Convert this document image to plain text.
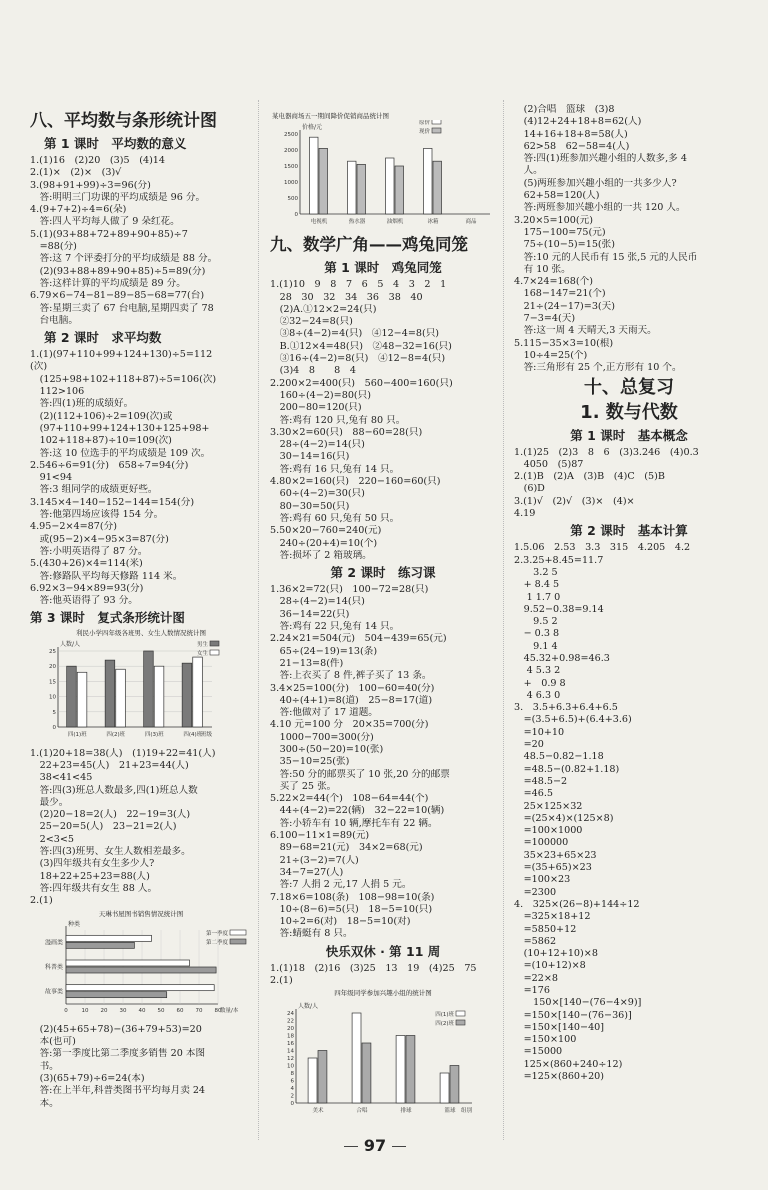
八、平均数与条形统计图
第 1 课时　平均数的意义
1.(1)16　(2)20　(3)5　(4)14
2.(1)×　(2)×　(3)√
3.(98+91+99)÷3=96(分)
　答:明明三门功课的平均成绩是 96 分。
4.(9+7+2)÷4=6(朵)
　答:四人平均每人做了 9 朵红花。
5.(1)(93+88+72+89+90+85)÷7
　=88(分)
　答:这 7 个评委打分的平均成绩是 88 分。
　(2)(93+88+89+90+85)÷5=89(分)
　答:这样计算的平均成绩是 89 分。
6.79×6−74−81−89−85−68=77(台)
　答:星期三卖了 67 台电脑,星期四卖了 78
　台电脑。
第 2 课时　求平均数
1.(1)(97+110+99+124+130)÷5=112
(次)
　(125+98+102+118+87)÷5=106(次)
　112>106
　答:四(1)班的成绩好。
　(2)(112+106)÷2=109(次)或
　(97+110+99+124+130+125+98+
　102+118+87)÷10=109(次)
　答:这 10 位选手的平均成绩是 109 次。
2.546÷6=91(分)　658÷7=94(分)
　91<94
　答:3 组同学的成绩更好些。
3.145×4−140−152−144=154(分)
　答:他第四场应该得 154 分。
4.95−2×4=87(分)
　或(95−2)×4−95×3=87(分)
　答:小明英语得了 87 分。
5.(430+26)×4=114(米)
　答:修路队平均每天修路 114 米。
6.92×3−94×89=93(分)
　答:他英语得了 93 分。
第 3 课时　复式条形统计图
利民小学四年级各班男、女生人数情况统计图
0
5
10
15
20
25
人数/人
四(1)班	四(2)班	四(3)班	四(4)班
班级
男生
女生
1.(1)20+18=38(人)　(1)19+22=41(人)
　22+23=45(人)　21+23=44(人)
　38<41<45
　答:四(3)班总人数最多,四(1)班总人数
　最少。
　(2)20−18=2(人)　22−19=3(人)
　25−20=5(人)　23−21=2(人)
　2<3<5
　答:四(3)班男、女生人数相差最多。
　(3)四年级共有女生多少人?
　18+22+25+23=88(人)
　答:四年级共有女生 88 人。
2.(1)
天琳书屋图书销售情况统计图
0	10 20 30 40 50 60 70 80
数量/本
种类
漫画类
科普类
故事类
第一季度
第二季度
　(2)(45+65+78)−(36+79+53)=20
　本(也可)
　答:第一季度比第二季度多销售 20 本图
　书。
　(3)(65+79)÷6=24(本)
　答:在上半年,科普类图书平均每月卖 24
　本。
某电器商场五一期间降价促销商品统计图
0
500
1000
1500
2000
2500
价格/元
电视机	热水器	油烟机	冰箱	商品
原价
现价
九、数学广角——鸡兔同笼
第 1 课时　鸡兔同笼
1.(1)10　9　8　7　6　5　4　3　2　1
　28　30　32　34　36　38　40
　(2)A.①12×2=24(只)
　②32−24=8(只)
　③8÷(4−2)=4(只)　④12−4=8(只)
　B.①12×4=48(只)　②48−32=16(只)
　③16÷(4−2)=8(只)　④12−8=4(只)
　(3)4　8　　8　4
2.200×2=400(只)　560−400=160(只)
　160÷(4−2)=80(只)
　200−80=120(只)
　答:鸡有 120 只,兔有 80 只。
3.30×2=60(只)　88−60=28(只)
　28÷(4−2)=14(只)
　30−14=16(只)
　答:鸡有 16 只,兔有 14 只。
4.80×2=160(只)　220−160=60(只)
　60÷(4−2)=30(只)
　80−30=50(只)
　答:鸡有 60 只,兔有 50 只。
5.50×20−760=240(元)
　240÷(20+4)=10(个)
　答:损坏了 2 箱玻璃。
第 2 课时　练习课
1.36×2=72(只)　100−72=28(只)
　28÷(4−2)=14(只)
　36−14=22(只)
　答:鸡有 22 只,兔有 14 只。
2.24×21=504(元)　504−439=65(元)
　65÷(24−19)=13(条)
　21−13=8(件)
　答:上衣买了 8 件,裤子买了 13 条。
3.4×25=100(分)　100−60=40(分)
　40÷(4+1)=8(道)　25−8=17(道)
　答:他做对了 17 道题。
4.10 元=100 分　20×35=700(分)
　1000−700=300(分)
　300÷(50−20)=10(张)
　35−10=25(张)
　答:50 分的邮票买了 10 张,20 分的邮票
　买了 25 张。
5.22×2=44(个)　108−64=44(个)
　44÷(4−2)=22(辆)　32−22=10(辆)
　答:小轿车有 10 辆,摩托车有 22 辆。
6.100−11×1=89(元)
　89−68=21(元)　34×2=68(元)
　21÷(3−2)=7(人)
　34−7=27(人)
　答:7 人捐 2 元,17 人捐 5 元。
7.18×6=108(条)　108−98=10(条)
　10÷(8−6)=5(只)　18−5=10(只)
　10÷2=6(对)　18−5=10(对)
　答:蜻蜓有 8 只。
快乐双休 · 第 11 周
1.(1)18　(2)16　(3)25　13　19　(4)25　75
2.(1)
四年级同学参加兴趣小组的统计图
0
2
4
6
8
10
12
14
16
18
20
22
24
人数/人
美术	合唱	排球	篮球 组别
四(1)班
四(2)班
　(2)合唱　篮球　(3)8
　(4)12+24+18+8=62(人)
　14+16+18+8=58(人)
　62>58　62−58=4(人)
　答:四(1)班参加兴趣小组的人数多,多 4
　人。
　(5)两班参加兴趣小组的一共多少人?
　62+58=120(人)
　答:两班参加兴趣小组的一共 120 人。
3.20×5=100(元)
　175−100=75(元)
　75÷(10−5)=15(张)
　答:10 元的人民币有 15 张,5 元的人民币
　有 10 张。
4.7×24=168(个)
　168−147=21(个)
　21÷(24−17)=3(天)
　7−3=4(天)
　答:这一周 4 天晴天,3 天雨天。
5.115−35×3=10(根)
　10÷4=25(个)
　答:三角形有 25 个,正方形有 10 个。
十、总复习
1. 数与代数
第 1 课时　基本概念
1.(1)25　(2)3　8　6　(3)3.246　(4)0.3
　4050　(5)87
2.(1)B　(2)A　(3)B　(4)C　(5)B
　(6)D
3.(1)√　(2)√　(3)×　(4)×
4.19
第 2 课时　基本计算
1.5.06　2.53　3.3　315　4.205　4.2
2.3.25+8.45=11.7
　　3.2 5
　+ 8.4 5
　 1 1.7 0
　9.52−0.38=9.14
　　9.5 2
　− 0.3 8
　　9.1 4
　45.32+0.98=46.3
　 4 5.3 2
　+　0.9 8
　 4 6.3 0
3.　3.5+6.3+6.4+6.5
　=(3.5+6.5)+(6.4+3.6)
　=10+10
　=20
　48.5−0.82−1.18
　=48.5−(0.82+1.18)
　=48.5−2
　=46.5
　25×125×32
　=(25×4)×(125×8)
　=100×1000
　=100000
　35×23+65×23
　=(35+65)×23
　=100×23
　=2300
4.　325×(26−8)+144÷12
　=325×18+12
　=5850+12
　=5862
　(10+12+10)×8
　=(10+12)×8
　=22×8
　=176
　　150×[140−(76−4×9)]
　=150×[140−(76−36)]
　=150×[140−40]
　=150×100
　=15000
　125×(860+240÷12)
　=125×(860+20)
97
